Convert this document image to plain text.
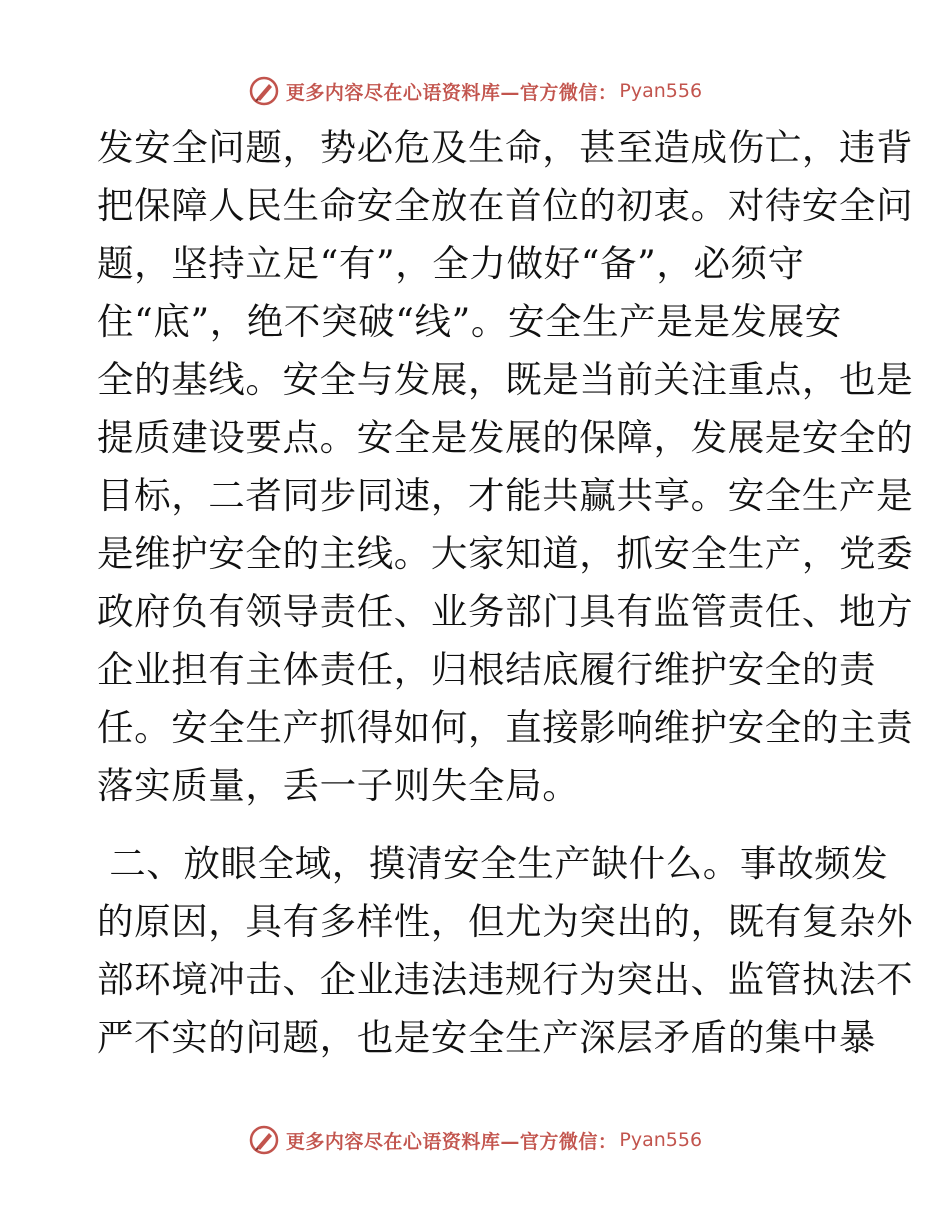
更多内容尽在心语资料库—官方微信： Pyan556
发安全问题，势必危及生命，甚至造成伤亡，违背
把保障人民生命安全放在首位的初衷。对待安全问
题，坚持立足“有”，全力做好“备”，必须守
住“底”，绝不突破“线”。安全生产是是发展安
全的基线。安全与发展，既是当前关注重点，也是
提质建设要点。安全是发展的保障，发展是安全的
目标，二者同步同速，才能共赢共享。安全生产是
是维护安全的主线。大家知道，抓安全生产，党委
政府负有领导责任、业务部门具有监管责任、地方
企业担有主体责任，归根结底履行维护安全的责
任。安全生产抓得如何，直接影响维护安全的主责
落实质量，丢一子则失全局。
二、放眼全域，摸清安全生产缺什么。事故频发
的原因，具有多样性，但尤为突出的，既有复杂外
部环境冲击、企业违法违规行为突出、监管执法不
严不实的问题，也是安全生产深层矛盾的集中暴
更多内容尽在心语资料库—官方微信： Pyan556
